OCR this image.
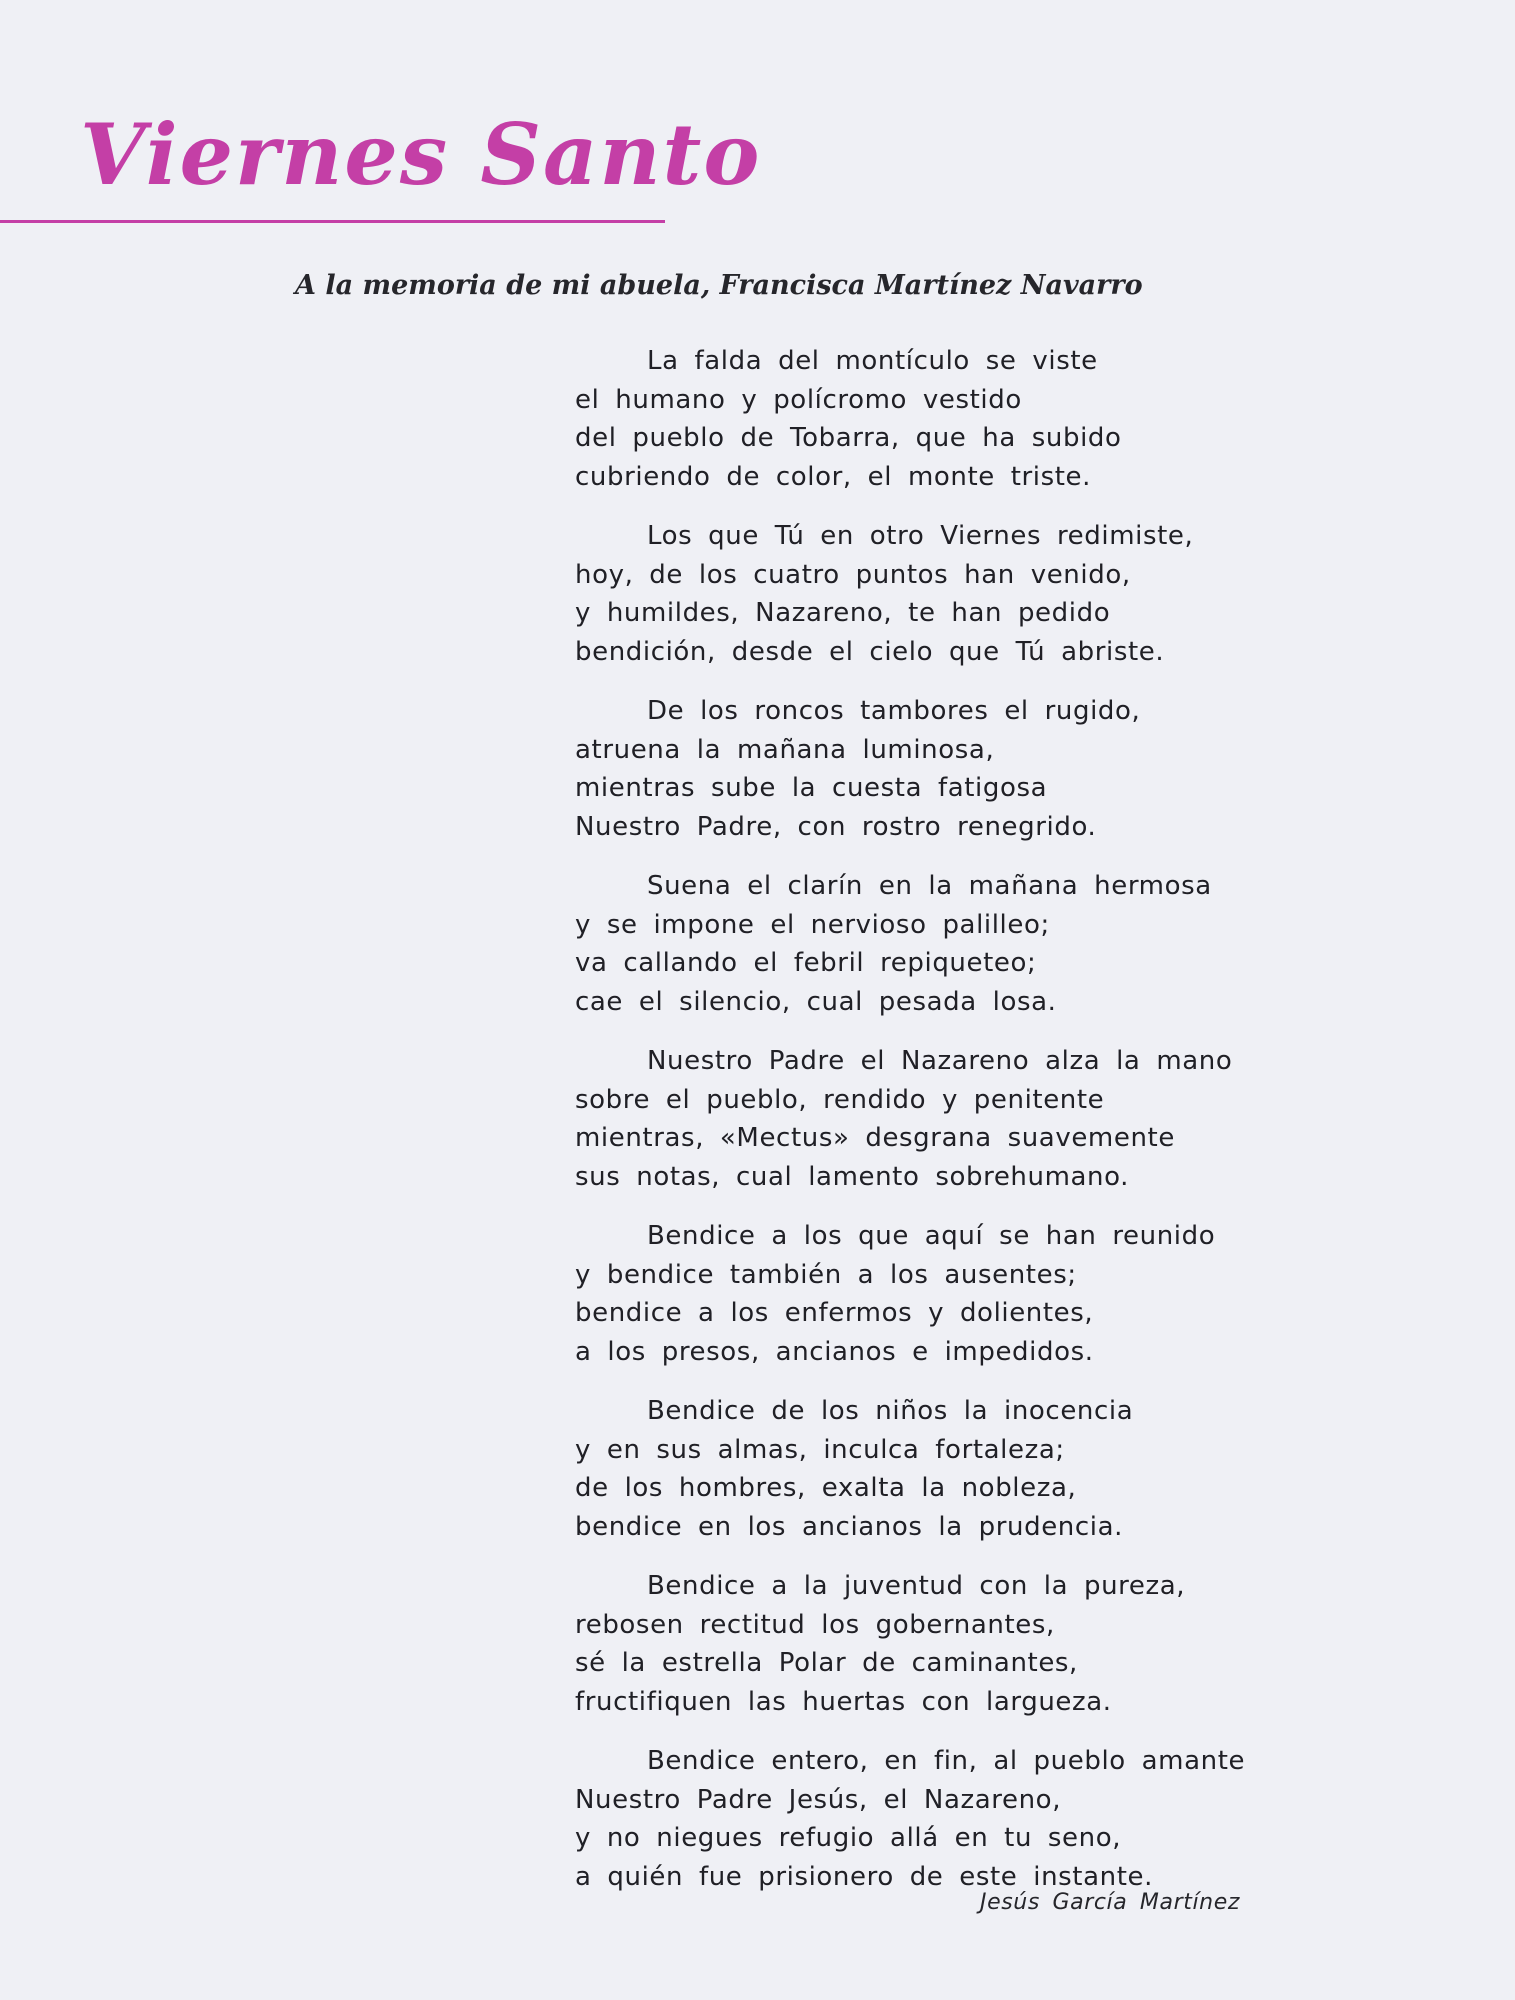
Viernes Santo

A la memoria de mi abuela, Francisca Martínez Navarro

La falda del montículo se viste
el humano y polícromo vestido
del pueblo de Tobarra, que ha subido
cubriendo de color, el monte triste.
Los que Tú en otro Viernes redimiste,
hoy, de los cuatro puntos han venido,
y humildes, Nazareno, te han pedido
bendición, desde el cielo que Tú abriste.
De los roncos tambores el rugido,
atruena la mañana luminosa,
mientras sube la cuesta fatigosa
Nuestro Padre, con rostro renegrido.
Suena el clarín en la mañana hermosa
y se impone el nervioso palilleo;
va callando el febril repiqueteo;
cae el silencio, cual pesada losa.
Nuestro Padre el Nazareno alza la mano
sobre el pueblo, rendido y penitente
mientras, «Mectus» desgrana suavemente
sus notas, cual lamento sobrehumano.
Bendice a los que aquí se han reunido
y bendice también a los ausentes;
bendice a los enfermos y dolientes,
a los presos, ancianos e impedidos.
Bendice de los niños la inocencia
y en sus almas, inculca fortaleza;
de los hombres, exalta la nobleza,
bendice en los ancianos la prudencia.
Bendice a la juventud con la pureza,
rebosen rectitud los gobernantes,
sé la estrella Polar de caminantes,
fructifiquen las huertas con largueza.
Bendice entero, en fin, al pueblo amante
Nuestro Padre Jesús, el Nazareno,
y no niegues refugio allá en tu seno,
a quién fue prisionero de este instante.

Jesús García Martínez
